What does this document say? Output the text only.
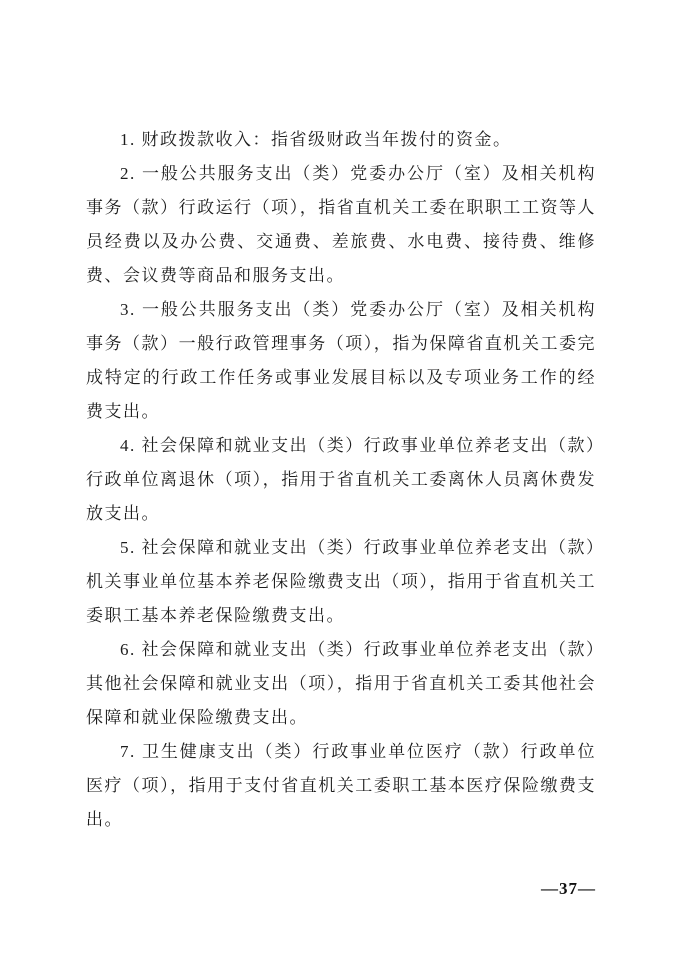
1. 财政拨款收入：指省级财政当年拨付的资金。

2. 一般公共服务支出（类）党委办公厅（室）及相关机构事务（款）行政运行（项），指省直机关工委在职职工工资等人员经费以及办公费、交通费、差旅费、水电费、接待费、维修费、会议费等商品和服务支出。

3. 一般公共服务支出（类）党委办公厅（室）及相关机构事务（款）一般行政管理事务（项），指为保障省直机关工委完成特定的行政工作任务或事业发展目标以及专项业务工作的经费支出。

4. 社会保障和就业支出（类）行政事业单位养老支出（款）行政单位离退休（项），指用于省直机关工委离休人员离休费发放支出。

5. 社会保障和就业支出（类）行政事业单位养老支出（款）机关事业单位基本养老保险缴费支出（项），指用于省直机关工委职工基本养老保险缴费支出。

6. 社会保障和就业支出（类）行政事业单位养老支出（款）其他社会保障和就业支出（项），指用于省直机关工委其他社会保障和就业保险缴费支出。

7. 卫生健康支出（类）行政事业单位医疗（款）行政单位医疗（项），指用于支付省直机关工委职工基本医疗保险缴费支出。

—37—
